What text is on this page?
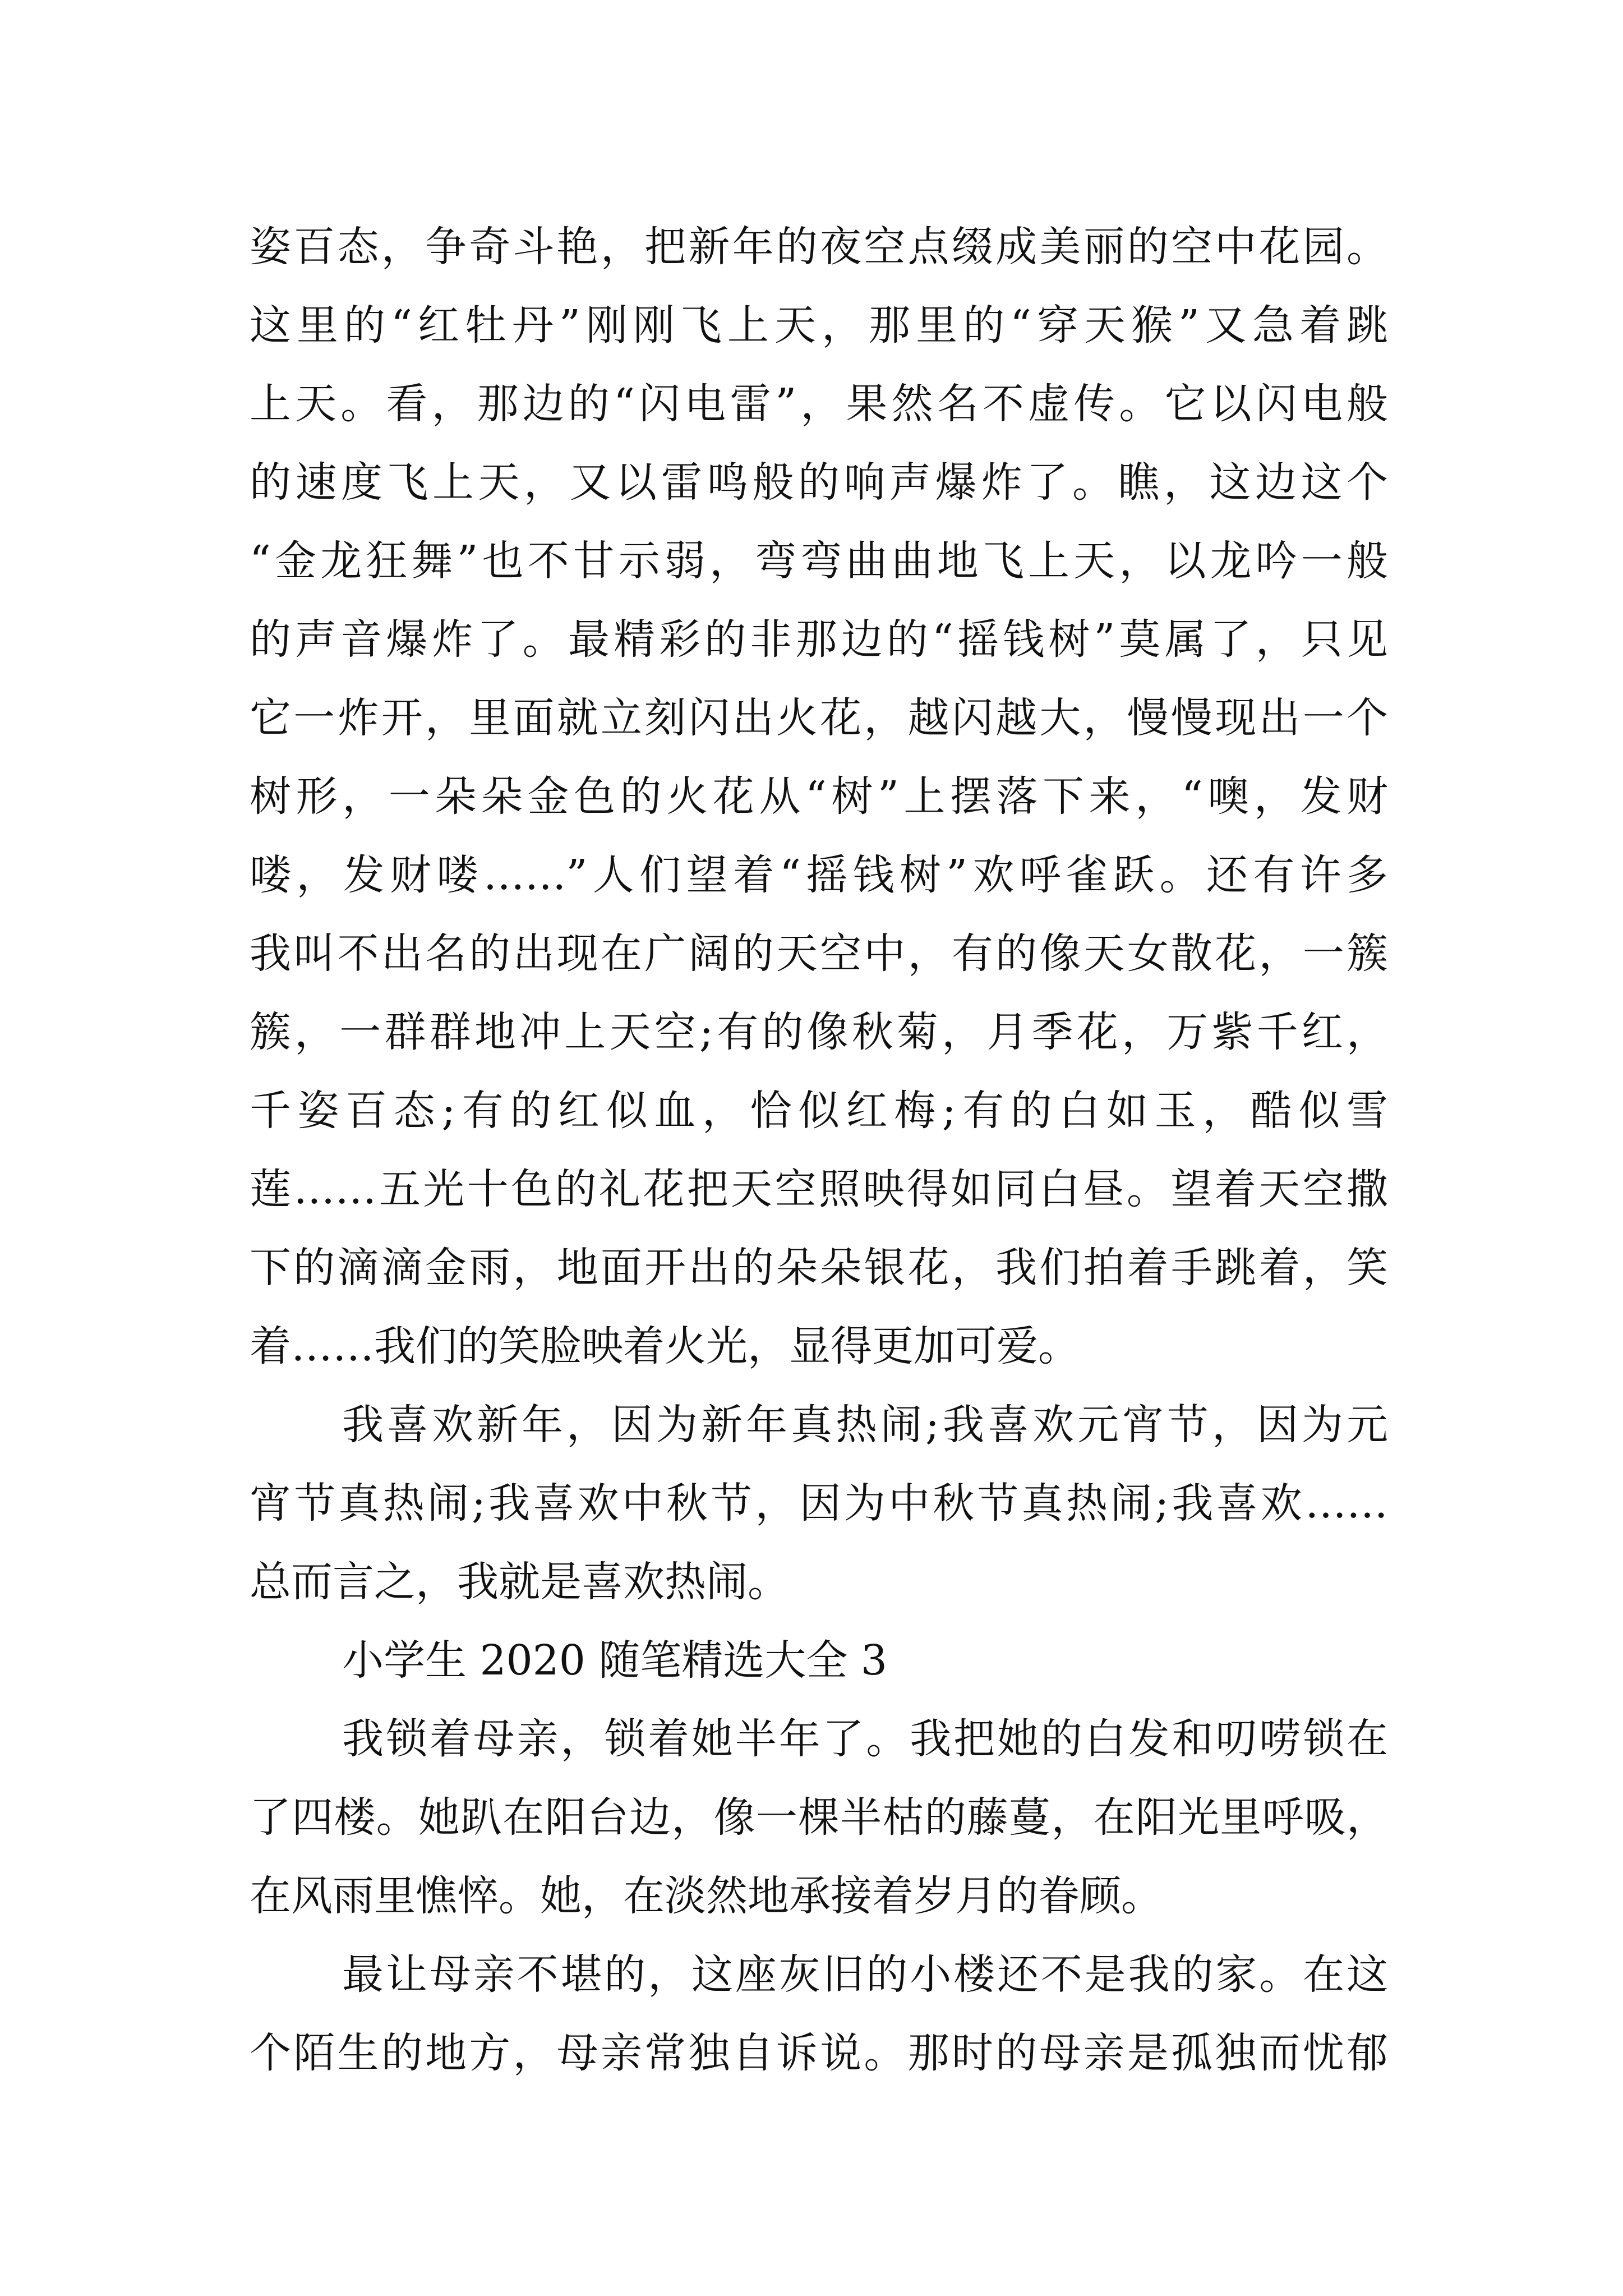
姿百态，争奇斗艳，把新年的夜空点缀成美丽的空中花园。
这里的“红牡丹”刚刚飞上天，那里的“穿天猴”又急着跳
上天。看，那边的“闪电雷”，果然名不虚传。它以闪电般
的速度飞上天，又以雷鸣般的响声爆炸了。瞧，这边这个
“金龙狂舞”也不甘示弱，弯弯曲曲地飞上天，以龙吟一般
的声音爆炸了。最精彩的非那边的“摇钱树”莫属了，只见
它一炸开，里面就立刻闪出火花，越闪越大，慢慢现出一个
树形，一朵朵金色的火花从“树”上摆落下来，“噢，发财
喽，发财喽……”人们望着“摇钱树”欢呼雀跃。还有许多
我叫不出名的出现在广阔的天空中，有的像天女散花，一簇
簇，一群群地冲上天空;有的像秋菊，月季花，万紫千红，
千姿百态;有的红似血，恰似红梅;有的白如玉，酷似雪
莲……五光十色的礼花把天空照映得如同白昼。望着天空撒
下的滴滴金雨，地面开出的朵朵银花，我们拍着手跳着，笑
着……我们的笑脸映着火光，显得更加可爱。
我喜欢新年，因为新年真热闹;我喜欢元宵节，因为元
宵节真热闹;我喜欢中秋节，因为中秋节真热闹;我喜欢……
总而言之，我就是喜欢热闹。
小学生 2020 随笔精选大全 3
我锁着母亲，锁着她半年了。我把她的白发和叨唠锁在
了四楼。她趴在阳台边，像一棵半枯的藤蔓，在阳光里呼吸，
在风雨里憔悴。她，在淡然地承接着岁月的眷顾。
最让母亲不堪的，这座灰旧的小楼还不是我的家。在这
个陌生的地方，母亲常独自诉说。那时的母亲是孤独而忧郁
